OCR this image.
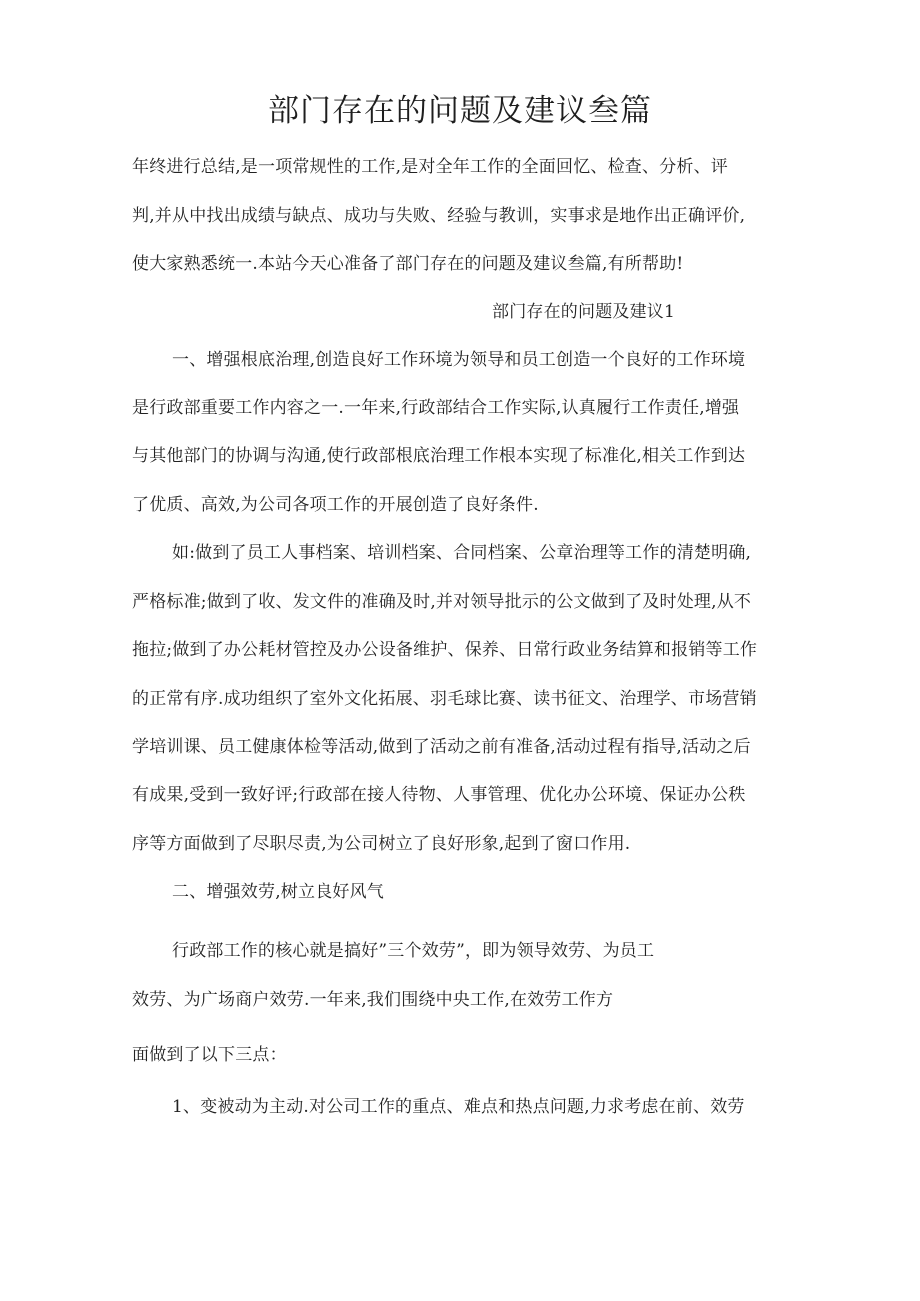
部门存在的问题及建议叁篇
年终进行总结,是一项常规性的工作,是对全年工作的全面回忆、检查、分析、评
判,并从中找出成绩与缺点、成功与失败、经验与教训，实事求是地作出正确评价,
使大家熟悉统一.本站今天心准备了部门存在的问题及建议叁篇,有所帮助!
部门存在的问题及建议1
一、增强根底治理,创造良好工作环境为领导和员工创造一个良好的工作环境
是行政部重要工作内容之一.一年来,行政部结合工作实际,认真履行工作责任,增强
与其他部门的协调与沟通,使行政部根底治理工作根本实现了标准化,相关工作到达
了优质、高效,为公司各项工作的开展创造了良好条件.
如:做到了员工人事档案、培训档案、合同档案、公章治理等工作的清楚明确,
严格标准;做到了收、发文件的准确及时,并对领导批示的公文做到了及时处理,从不
拖拉;做到了办公耗材管控及办公设备维护、保养、日常行政业务结算和报销等工作
的正常有序.成功组织了室外文化拓展、羽毛球比赛、读书征文、治理学、市场营销
学培训课、员工健康体检等活动,做到了活动之前有准备,活动过程有指导,活动之后
有成果,受到一致好评;行政部在接人待物、人事管理、优化办公环境、保证办公秩
序等方面做到了尽职尽责,为公司树立了良好形象,起到了窗口作用.
二、增强效劳,树立良好风气
行政部工作的核心就是搞好”三个效劳”，即为领导效劳、为员工
效劳、为广场商户效劳.一年来,我们围绕中央工作,在效劳工作方
面做到了以下三点：
1、变被动为主动.对公司工作的重点、难点和热点问题,力求考虑在前、效劳
